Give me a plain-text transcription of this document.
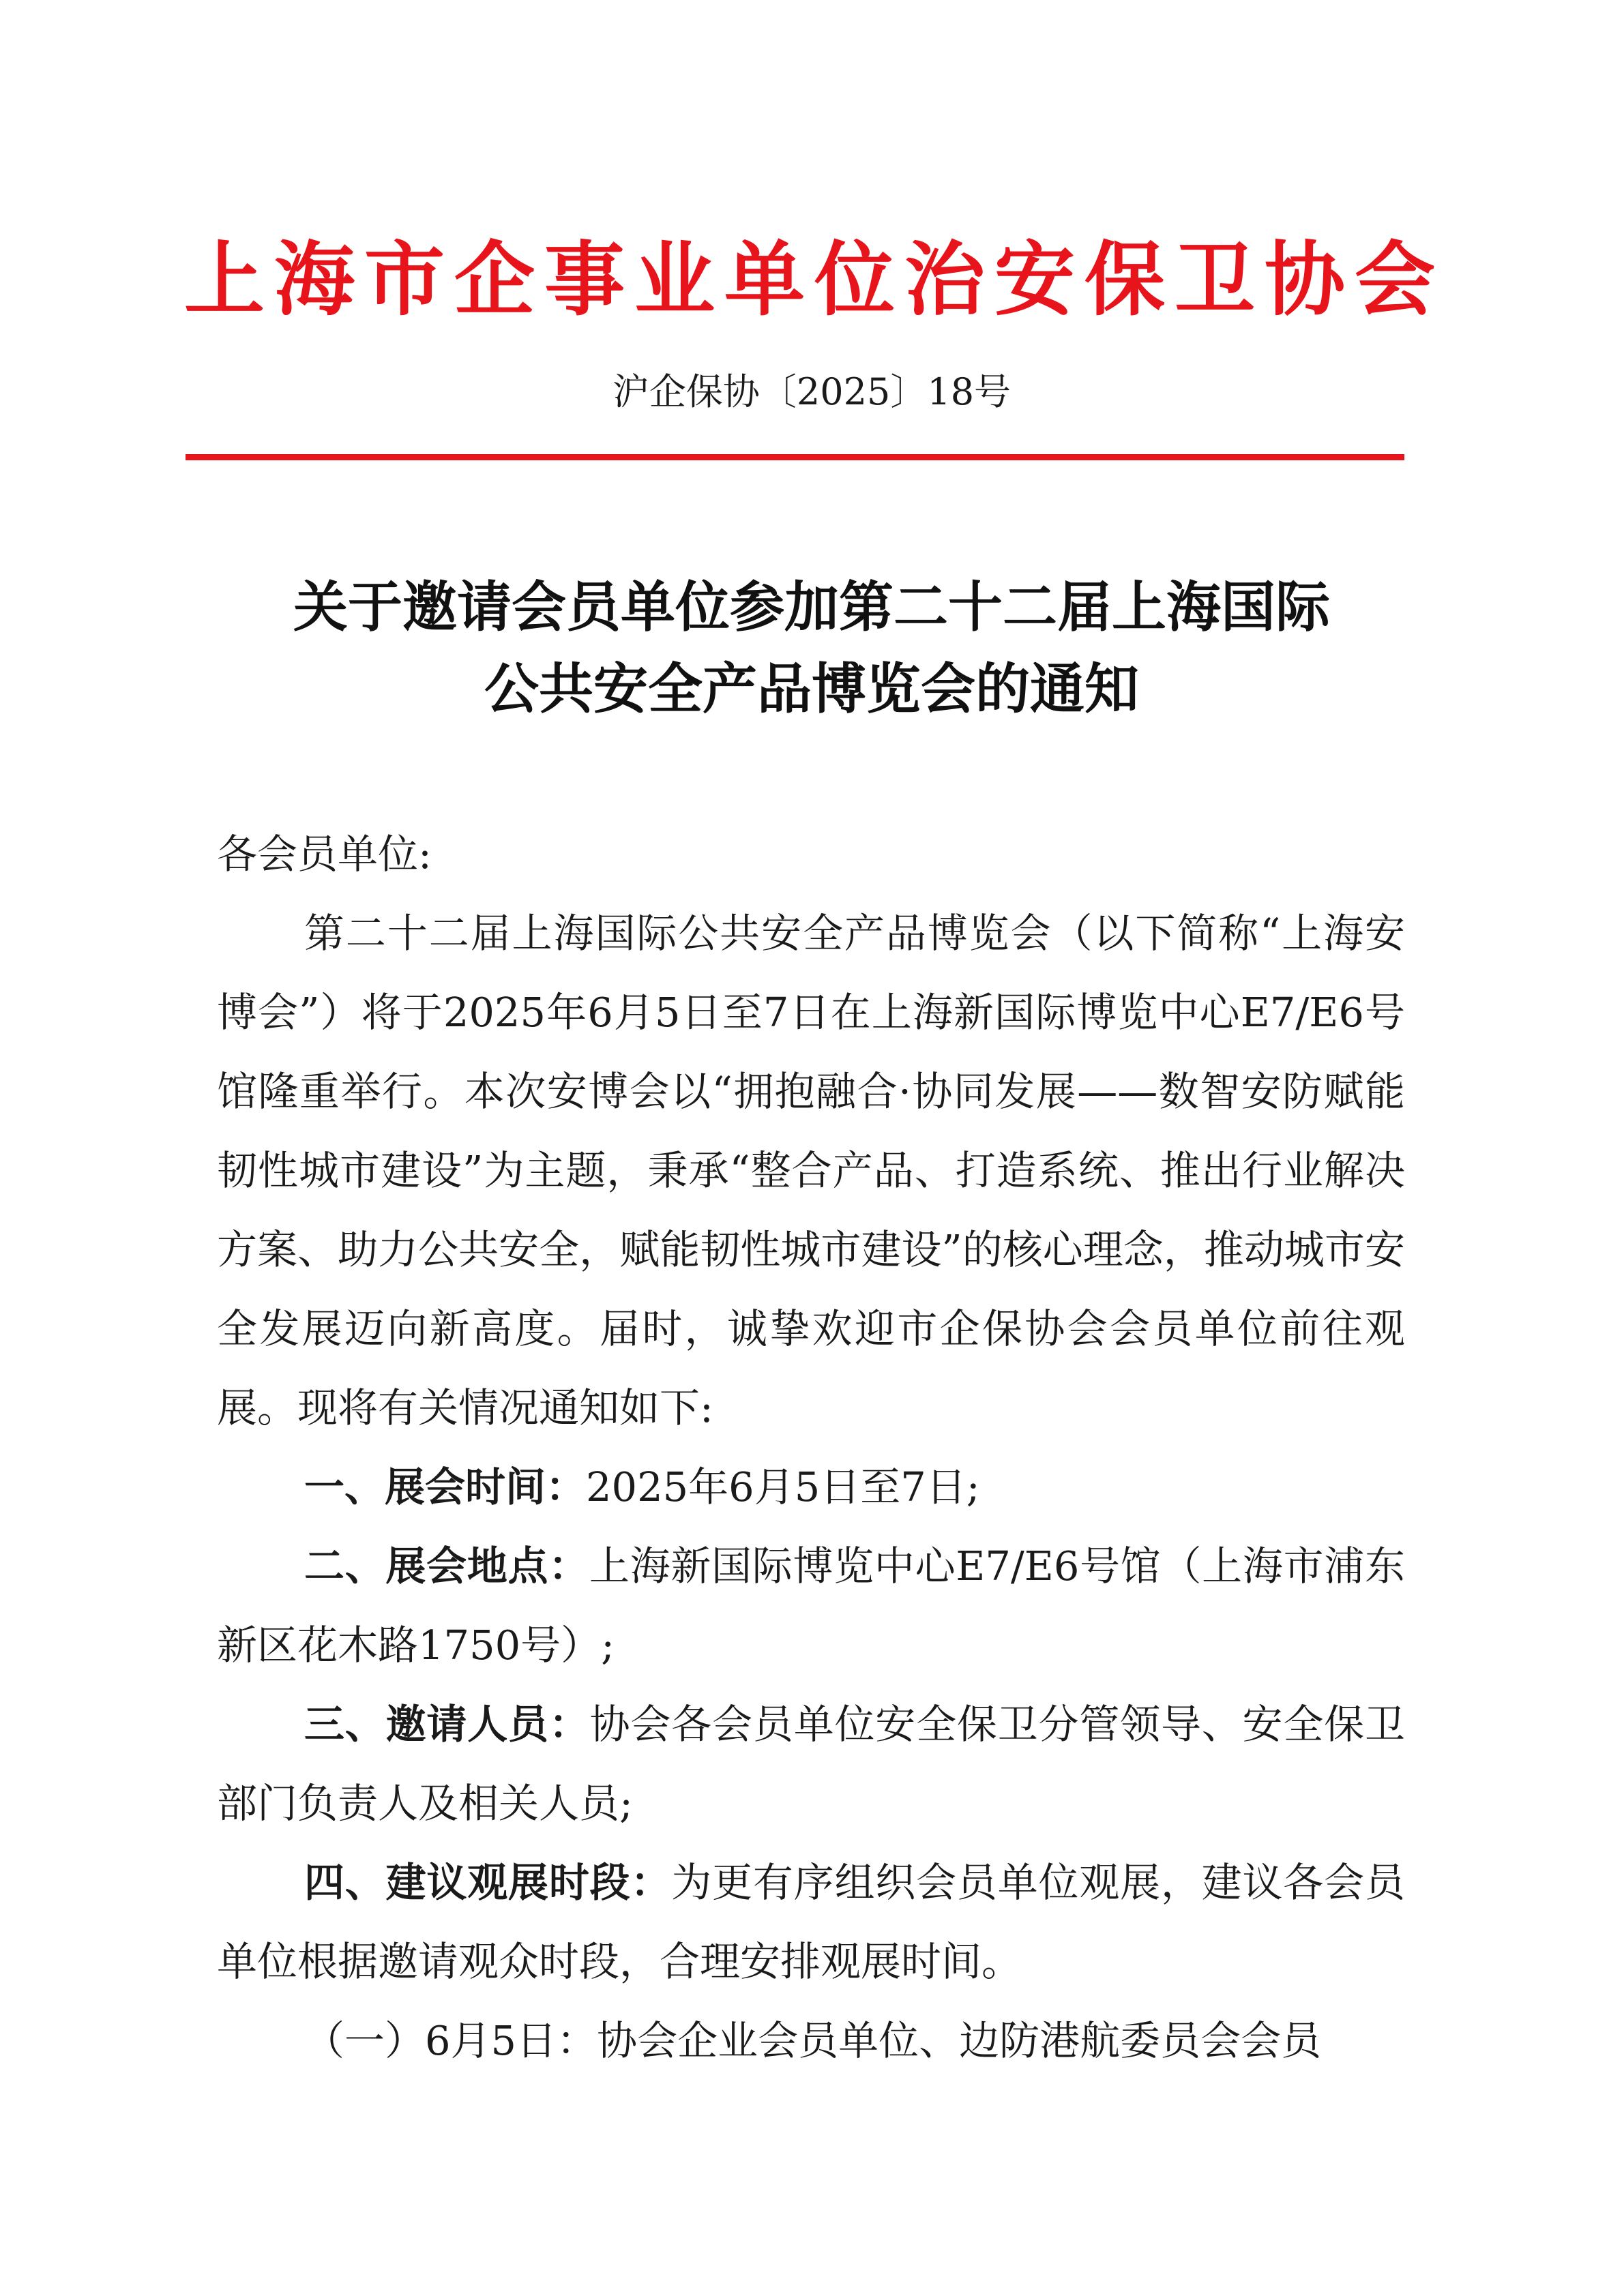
上海市企事业单位治安保卫协会
沪企保协〔2025〕18号
关于邀请会员单位参加第二十二届上海国际
公共安全产品博览会的通知

各会员单位:

第二十二届上海国际公共安全产品博览会（以下简称“上海安博会”）将于2025年6月5日至7日在上海新国际博览中心E7/E6号馆隆重举行。本次安博会以“拥抱融合·协同发展——数智安防赋能韧性城市建设”为主题，秉承“整合产品、打造系统、推出行业解决方案、助力公共安全，赋能韧性城市建设”的核心理念，推动城市安全发展迈向新高度。届时，诚挚欢迎市企保协会会员单位前往观展。现将有关情况通知如下:

一、展会时间：2025年6月5日至7日;

二、展会地点：上海新国际博览中心E7/E6号馆（上海市浦东新区花木路1750号）;

三、邀请人员：协会各会员单位安全保卫分管领导、安全保卫部门负责人及相关人员;

四、建议观展时段：为更有序组织会员单位观展，建议各会员单位根据邀请观众时段，合理安排观展时间。

（一）6月5日：协会企业会员单位、边防港航委员会会员
